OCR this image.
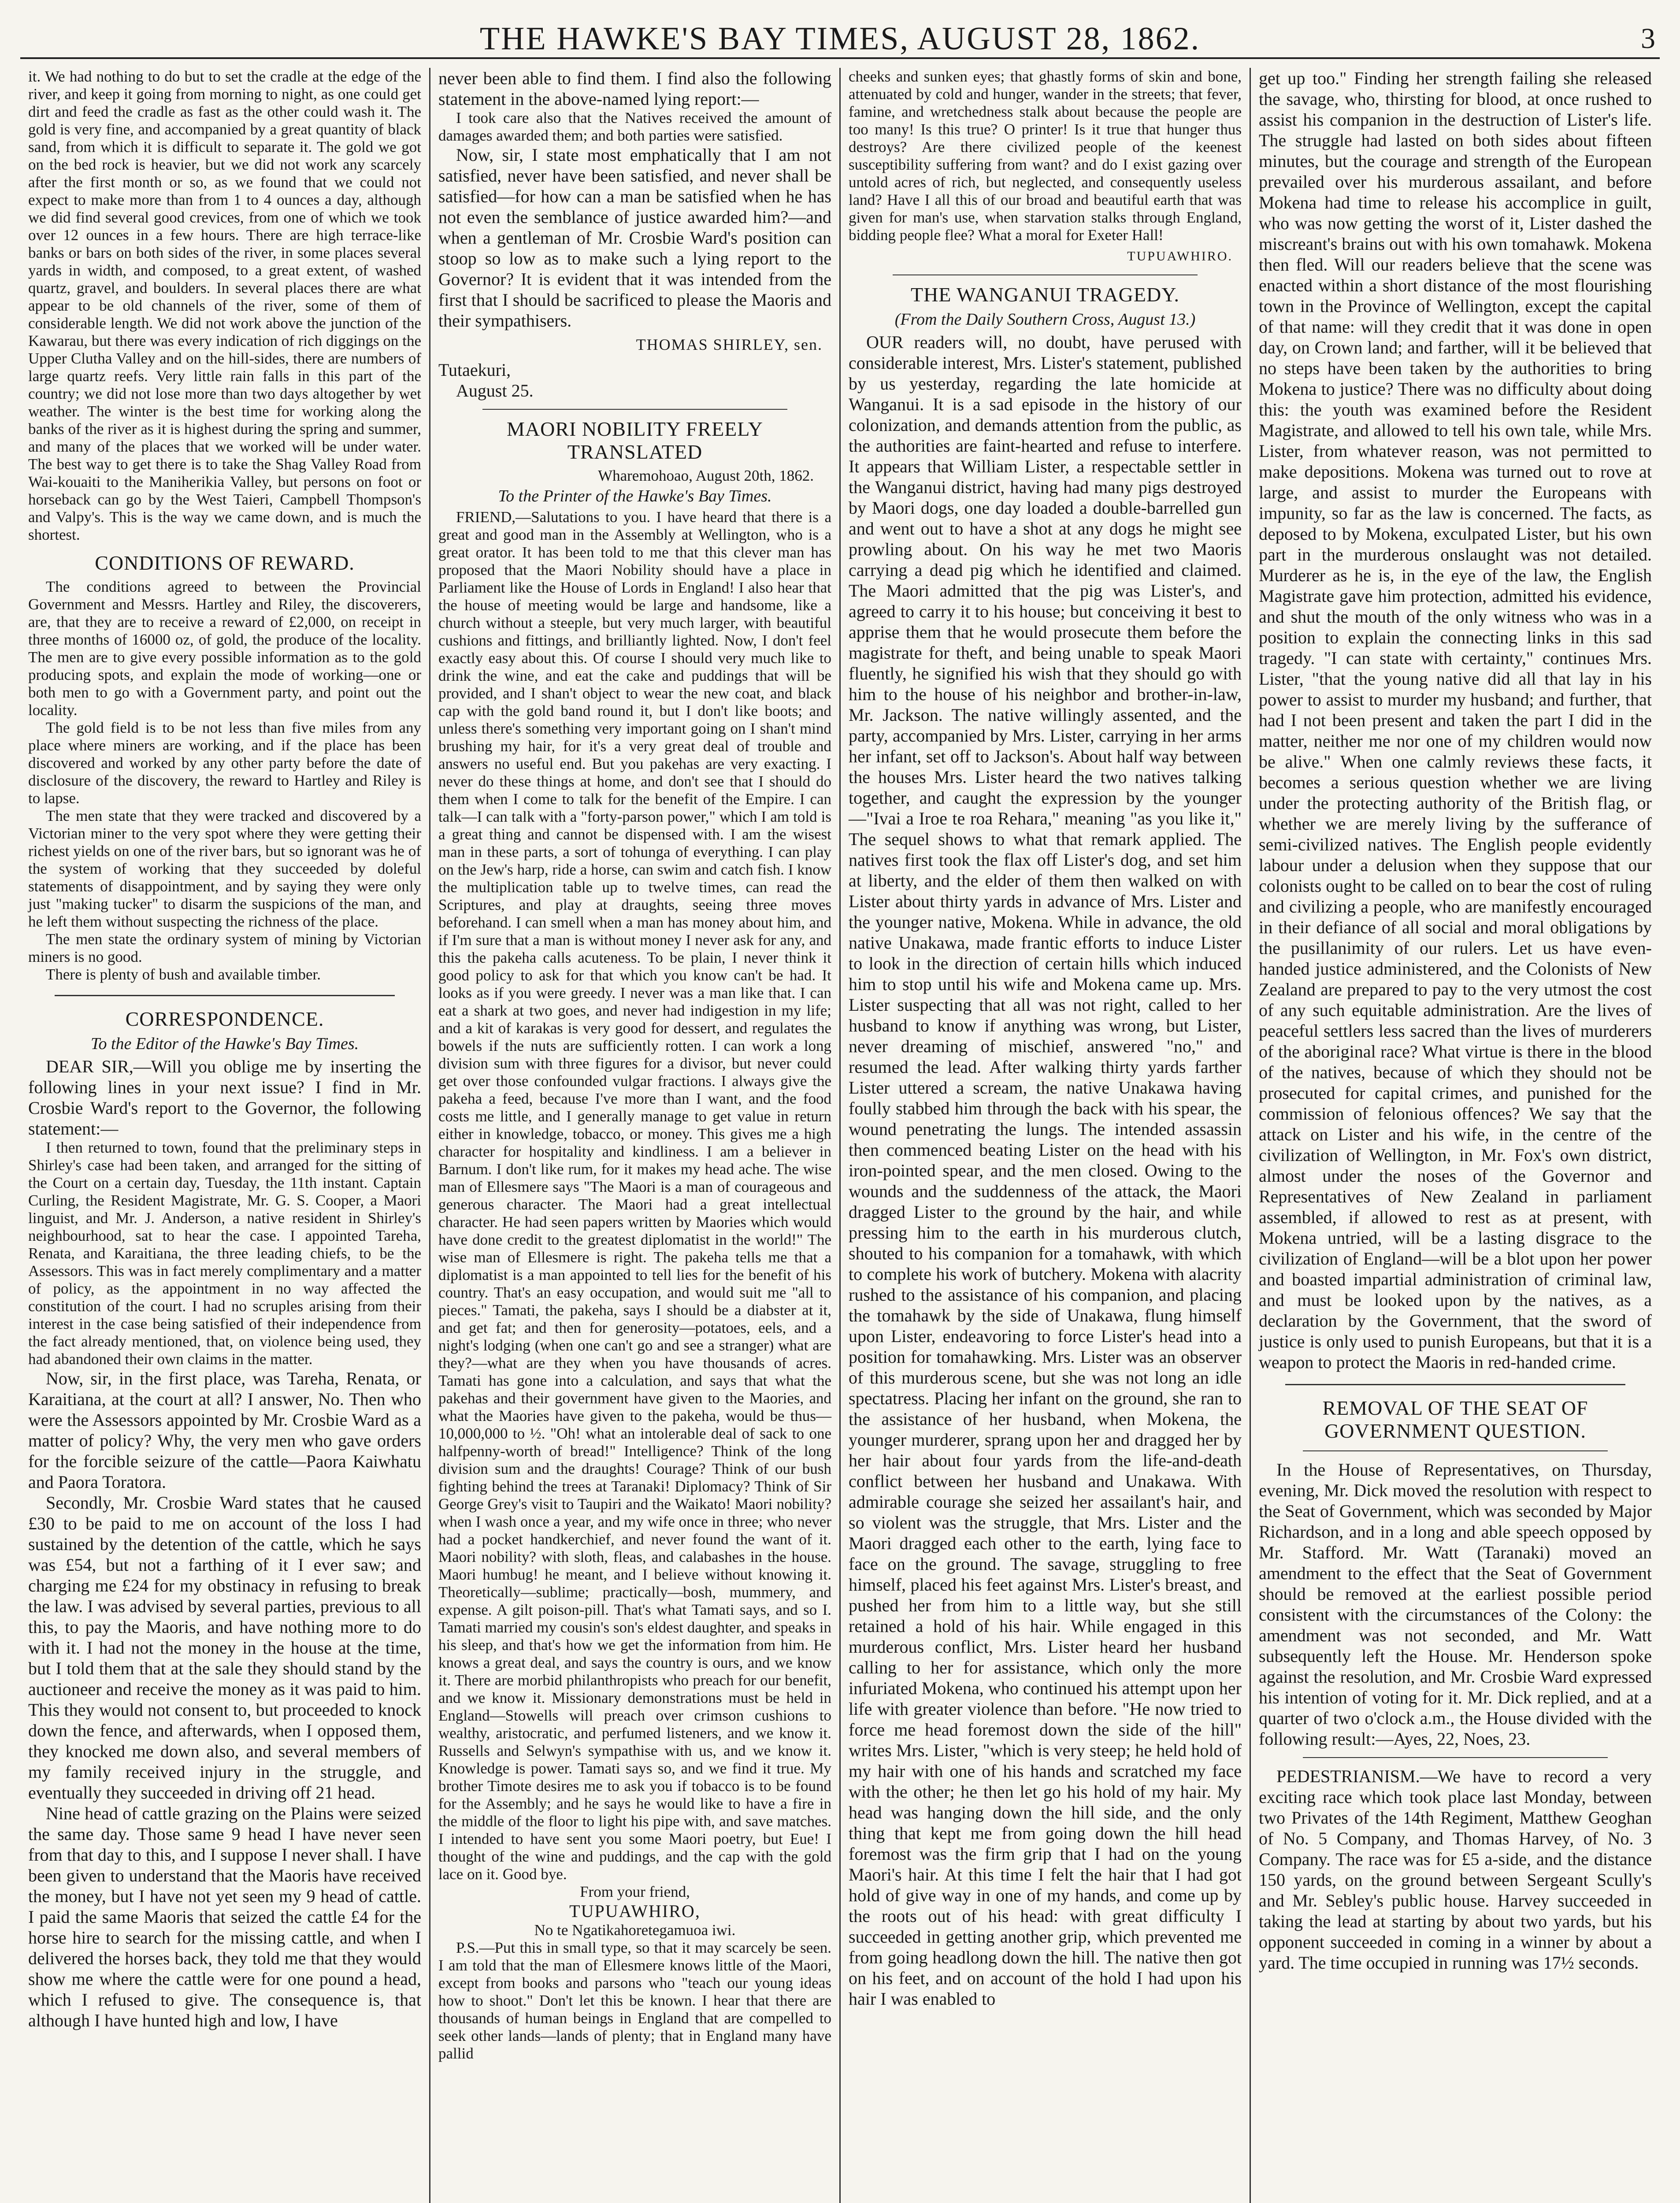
THE HAWKE'S BAY TIMES, AUGUST 28, 1862.	3

it. We had nothing to do but to set the cradle at the edge of the river, and keep it going from morning to night, as one could get dirt and feed the cradle as fast as the other could wash it. The gold is very fine, and accompanied by a great quantity of black sand, from which it is difficult to separate it. The gold we got on the bed rock is heavier, but we did not work any scarcely after the first month or so, as we found that we could not expect to make more than from 1 to 4 ounces a day, although we did find several good crevices, from one of which we took over 12 ounces in a few hours. There are high terrace-like banks or bars on both sides of the river, in some places several yards in width, and composed, to a great extent, of washed quartz, gravel, and boulders. In several places there are what appear to be old channels of the river, some of them of considerable length. We did not work above the junction of the Kawarau, but there was every indication of rich diggings on the Upper Clutha Valley and on the hill-sides, there are numbers of large quartz reefs. Very little rain falls in this part of the country; we did not lose more than two days altogether by wet weather. The winter is the best time for working along the banks of the river as it is highest during the spring and summer, and many of the places that we worked will be under water. The best way to get there is to take the Shag Valley Road from Wai-kouaiti to the Maniherikia Valley, but persons on foot or horseback can go by the West Taieri, Campbell Thompson's and Valpy's. This is the way we came down, and is much the shortest.

CONDITIONS OF REWARD.

The conditions agreed to between the Provincial Government and Messrs. Hartley and Riley, the discoverers, are, that they are to receive a reward of £2,000, on receipt in three months of 16000 oz, of gold, the produce of the locality. The men are to give every possible information as to the gold producing spots, and explain the mode of working—one or both men to go with a Government party, and point out the locality.

The gold field is to be not less than five miles from any place where miners are working, and if the place has been discovered and worked by any other party before the date of disclosure of the discovery, the reward to Hartley and Riley is to lapse.

The men state that they were tracked and discovered by a Victorian miner to the very spot where they were getting their richest yields on one of the river bars, but so ignorant was he of the system of working that they succeeded by doleful statements of disappointment, and by saying they were only just "making tucker" to disarm the suspicions of the man, and he left them without suspecting the richness of the place.

The men state the ordinary system of mining by Victorian miners is no good.

There is plenty of bush and available timber.

CORRESPONDENCE.
To the Editor of the Hawke's Bay Times.

DEAR SIR,—Will you oblige me by inserting the following lines in your next issue? I find in Mr. Crosbie Ward's report to the Governor, the following statement:—

I then returned to town, found that the preliminary steps in Shirley's case had been taken, and arranged for the sitting of the Court on a certain day, Tuesday, the 11th instant. Captain Curling, the Resident Magistrate, Mr. G. S. Cooper, a Maori linguist, and Mr. J. Anderson, a native resident in Shirley's neighbourhood, sat to hear the case. I appointed Tareha, Renata, and Karaitiana, the three leading chiefs, to be the Assessors. This was in fact merely complimentary and a matter of policy, as the appointment in no way affected the constitution of the court. I had no scruples arising from their interest in the case being satisfied of their independence from the fact already mentioned, that, on violence being used, they had abandoned their own claims in the matter.

Now, sir, in the first place, was Tareha, Renata, or Karaitiana, at the court at all? I answer, No. Then who were the Assessors appointed by Mr. Crosbie Ward as a matter of policy? Why, the very men who gave orders for the forcible seizure of the cattle—Paora Kaiwhatu and Paora Toratora.

Secondly, Mr. Crosbie Ward states that he caused £30 to be paid to me on account of the loss I had sustained by the detention of the cattle, which he says was £54, but not a farthing of it I ever saw; and charging me £24 for my obstinacy in refusing to break the law. I was advised by several parties, previous to all this, to pay the Maoris, and have nothing more to do with it. I had not the money in the house at the time, but I told them that at the sale they should stand by the auctioneer and receive the money as it was paid to him. This they would not consent to, but proceeded to knock down the fence, and afterwards, when I opposed them, they knocked me down also, and several members of my family received injury in the struggle, and eventually they succeeded in driving off 21 head.

Nine head of cattle grazing on the Plains were seized the same day. Those same 9 head I have never seen from that day to this, and I suppose I never shall. I have been given to understand that the Maoris have received the money, but I have not yet seen my 9 head of cattle. I paid the same Maoris that seized the cattle £4 for the horse hire to search for the missing cattle, and when I delivered the horses back, they told me that they would show me where the cattle were for one pound a head, which I refused to give. The consequence is, that although I have hunted high and low, I have

never been able to find them. I find also the following statement in the above-named lying report:—

I took care also that the Natives received the amount of damages awarded them; and both parties were satisfied.

Now, sir, I state most emphatically that I am not satisfied, never have been satisfied, and never shall be satisfied—for how can a man be satisfied when he has not even the semblance of justice awarded him?—and when a gentleman of Mr. Crosbie Ward's position can stoop so low as to make such a lying report to the Governor? It is evident that it was intended from the first that I should be sacrificed to please the Maoris and their sympathisers.

THOMAS SHIRLEY, sen.

Tutaekuri,

August 25.

MAORI NOBILITY FREELY TRANSLATED

Wharemohoao, August 20th, 1862.

To the Printer of the Hawke's Bay Times.

FRIEND,—Salutations to you. I have heard that there is a great and good man in the Assembly at Wellington, who is a great orator. It has been told to me that this clever man has proposed that the Maori Nobility should have a place in Parliament like the House of Lords in England! I also hear that the house of meeting would be large and handsome, like a church without a steeple, but very much larger, with beautiful cushions and fittings, and brilliantly lighted. Now, I don't feel exactly easy about this. Of course I should very much like to drink the wine, and eat the cake and puddings that will be provided, and I shan't object to wear the new coat, and black cap with the gold band round it, but I don't like boots; and unless there's something very important going on I shan't mind brushing my hair, for it's a very great deal of trouble and answers no useful end. But you pakehas are very exacting. I never do these things at home, and don't see that I should do them when I come to talk for the benefit of the Empire. I can talk—I can talk with a "forty-parson power," which I am told is a great thing and cannot be dispensed with. I am the wisest man in these parts, a sort of tohunga of everything. I can play on the Jew's harp, ride a horse, can swim and catch fish. I know the multiplication table up to twelve times, can read the Scriptures, and play at draughts, seeing three moves beforehand. I can smell when a man has money about him, and if I'm sure that a man is without money I never ask for any, and this the pakeha calls acuteness. To be plain, I never think it good policy to ask for that which you know can't be had. It looks as if you were greedy. I never was a man like that. I can eat a shark at two goes, and never had indigestion in my life; and a kit of karakas is very good for dessert, and regulates the bowels if the nuts are sufficiently rotten. I can work a long division sum with three figures for a divisor, but never could get over those confounded vulgar fractions. I always give the pakeha a feed, because I've more than I want, and the food costs me little, and I generally manage to get value in return either in knowledge, tobacco, or money. This gives me a high character for hospitality and kindliness. I am a believer in Barnum. I don't like rum, for it makes my head ache. The wise man of Ellesmere says "The Maori is a man of courageous and generous character. The Maori had a great intellectual character. He had seen papers written by Maories which would have done credit to the greatest diplomatist in the world!" The wise man of Ellesmere is right. The pakeha tells me that a diplomatist is a man appointed to tell lies for the benefit of his country. That's an easy occupation, and would suit me "all to pieces." Tamati, the pakeha, says I should be a diabster at it, and get fat; and then for generosity—potatoes, eels, and a night's lodging (when one can't go and see a stranger) what are they?—what are they when you have thousands of acres. Tamati has gone into a calculation, and says that what the pakehas and their government have given to the Maories, and what the Maories have given to the pakeha, would be thus—10,000,000 to ½. "Oh! what an intolerable deal of sack to one halfpenny-worth of bread!" Intelligence? Think of the long division sum and the draughts! Courage? Think of our bush fighting behind the trees at Taranaki! Diplomacy? Think of Sir George Grey's visit to Taupiri and the Waikato! Maori nobility? when I wash once a year, and my wife once in three; who never had a pocket handkerchief, and never found the want of it. Maori nobility? with sloth, fleas, and calabashes in the house. Maori humbug! he meant, and I believe without knowing it. Theoretically—sublime; practically—bosh, mummery, and expense. A gilt poison-pill. That's what Tamati says, and so I. Tamati married my cousin's son's eldest daughter, and speaks in his sleep, and that's how we get the information from him. He knows a great deal, and says the country is ours, and we know it. There are morbid philanthropists who preach for our benefit, and we know it. Missionary demonstrations must be held in England—Stowells will preach over crimson cushions to wealthy, aristocratic, and perfumed listeners, and we know it. Russells and Selwyn's sympathise with us, and we know it. Knowledge is power. Tamati says so, and we find it true. My brother Timote desires me to ask you if tobacco is to be found for the Assembly; and he says he would like to have a fire in the middle of the floor to light his pipe with, and save matches. I intended to have sent you some Maori poetry, but Eue! I thought of the wine and puddings, and the cap with the gold lace on it. Good bye.

From your friend,

TUPUAWHIRO,

No te Ngatikahoretegamuoa iwi.

P.S.—Put this in small type, so that it may scarcely be seen. I am told that the man of Ellesmere knows little of the Maori, except from books and parsons who "teach our young ideas how to shoot." Don't let this be known. I hear that there are thousands of human beings in England that are compelled to seek other lands—lands of plenty; that in England many have pallid

cheeks and sunken eyes; that ghastly forms of skin and bone, attenuated by cold and hunger, wander in the streets; that fever, famine, and wretchedness stalk about because the people are too many! Is this true? O printer! Is it true that hunger thus destroys? Are there civilized people of the keenest susceptibility suffering from want? and do I exist gazing over untold acres of rich, but neglected, and consequently useless land? Have I all this of our broad and beautiful earth that was given for man's use, when starvation stalks through England, bidding people flee? What a moral for Exeter Hall!

TUPUAWHIRO.
THE WANGANUI TRAGEDY.
(From the Daily Southern Cross, August 13.)

OUR readers will, no doubt, have perused with considerable interest, Mrs. Lister's statement, published by us yesterday, regarding the late homicide at Wanganui. It is a sad episode in the history of our colonization, and demands attention from the public, as the authorities are faint-hearted and refuse to interfere. It appears that William Lister, a respectable settler in the Wanganui district, having had many pigs destroyed by Maori dogs, one day loaded a double-barrelled gun and went out to have a shot at any dogs he might see prowling about. On his way he met two Maoris carrying a dead pig which he identified and claimed. The Maori admitted that the pig was Lister's, and agreed to carry it to his house; but conceiving it best to apprise them that he would prosecute them before the magistrate for theft, and being unable to speak Maori fluently, he signified his wish that they should go with him to the house of his neighbor and brother-in-law, Mr. Jackson. The native willingly assented, and the party, accompanied by Mrs. Lister, carrying in her arms her infant, set off to Jackson's. About half way between the houses Mrs. Lister heard the two natives talking together, and caught the expression by the younger—"Ivai a Iroe te roa Rehara," meaning "as you like it," The sequel shows to what that remark applied. The natives first took the flax off Lister's dog, and set him at liberty, and the elder of them then walked on with Lister about thirty yards in advance of Mrs. Lister and the younger native, Mokena. While in advance, the old native Unakawa, made frantic efforts to induce Lister to look in the direction of certain hills which induced him to stop until his wife and Mokena came up. Mrs. Lister suspecting that all was not right, called to her husband to know if anything was wrong, but Lister, never dreaming of mischief, answered "no," and resumed the lead. After walking thirty yards farther Lister uttered a scream, the native Unakawa having foully stabbed him through the back with his spear, the wound penetrating the lungs. The intended assassin then commenced beating Lister on the head with his iron-pointed spear, and the men closed. Owing to the wounds and the suddenness of the attack, the Maori dragged Lister to the ground by the hair, and while pressing him to the earth in his murderous clutch, shouted to his companion for a tomahawk, with which to complete his work of butchery. Mokena with alacrity rushed to the assistance of his companion, and placing the tomahawk by the side of Unakawa, flung himself upon Lister, endeavoring to force Lister's head into a position for tomahawking. Mrs. Lister was an observer of this murderous scene, but she was not long an idle spectatress. Placing her infant on the ground, she ran to the assistance of her husband, when Mokena, the younger murderer, sprang upon her and dragged her by her hair about four yards from the life-and-death conflict between her husband and Unakawa. With admirable courage she seized her assailant's hair, and so violent was the struggle, that Mrs. Lister and the Maori dragged each other to the earth, lying face to face on the ground. The savage, struggling to free himself, placed his feet against Mrs. Lister's breast, and pushed her from him to a little way, but she still retained a hold of his hair. While engaged in this murderous conflict, Mrs. Lister heard her husband calling to her for assistance, which only the more infuriated Mokena, who continued his attempt upon her life with greater violence than before. "He now tried to force me head foremost down the side of the hill" writes Mrs. Lister, "which is very steep; he held hold of my hair with one of his hands and scratched my face with the other; he then let go his hold of my hair. My head was hanging down the hill side, and the only thing that kept me from going down the hill head foremost was the firm grip that I had on the young Maori's hair. At this time I felt the hair that I had got hold of give way in one of my hands, and come up by the roots out of his head: with great difficulty I succeeded in getting another grip, which prevented me from going headlong down the hill. The native then got on his feet, and on account of the hold I had upon his hair I was enabled to

get up too." Finding her strength failing she released the savage, who, thirsting for blood, at once rushed to assist his companion in the destruction of Lister's life. The struggle had lasted on both sides about fifteen minutes, but the courage and strength of the European prevailed over his murderous assailant, and before Mokena had time to release his accomplice in guilt, who was now getting the worst of it, Lister dashed the miscreant's brains out with his own tomahawk. Mokena then fled. Will our readers believe that the scene was enacted within a short distance of the most flourishing town in the Province of Wellington, except the capital of that name: will they credit that it was done in open day, on Crown land; and farther, will it be believed that no steps have been taken by the authorities to bring Mokena to justice? There was no difficulty about doing this: the youth was examined before the Resident Magistrate, and allowed to tell his own tale, while Mrs. Lister, from whatever reason, was not permitted to make depositions. Mokena was turned out to rove at large, and assist to murder the Europeans with impunity, so far as the law is concerned. The facts, as deposed to by Mokena, exculpated Lister, but his own part in the murderous onslaught was not detailed. Murderer as he is, in the eye of the law, the English Magistrate gave him protection, admitted his evidence, and shut the mouth of the only witness who was in a position to explain the connecting links in this sad tragedy. "I can state with certainty," continues Mrs. Lister, "that the young native did all that lay in his power to assist to murder my husband; and further, that had I not been present and taken the part I did in the matter, neither me nor one of my children would now be alive." When one calmly reviews these facts, it becomes a serious question whether we are living under the protecting authority of the British flag, or whether we are merely living by the sufferance of semi-civilized natives. The English people evidently labour under a delusion when they suppose that our colonists ought to be called on to bear the cost of ruling and civilizing a people, who are manifestly encouraged in their defiance of all social and moral obligations by the pusillanimity of our rulers. Let us have even-handed justice administered, and the Colonists of New Zealand are prepared to pay to the very utmost the cost of any such equitable administration. Are the lives of peaceful settlers less sacred than the lives of murderers of the aboriginal race? What virtue is there in the blood of the natives, because of which they should not be prosecuted for capital crimes, and punished for the commission of felonious offences? We say that the attack on Lister and his wife, in the centre of the civilization of Wellington, in Mr. Fox's own district, almost under the noses of the Governor and Representatives of New Zealand in parliament assembled, if allowed to rest as at present, with Mokena untried, will be a lasting disgrace to the civilization of England—will be a blot upon her power and boasted impartial administration of criminal law, and must be looked upon by the natives, as a declaration by the Government, that the sword of justice is only used to punish Europeans, but that it is a weapon to protect the Maoris in red-handed crime.

REMOVAL OF THE SEAT OF GOVERNMENT QUESTION.

In the House of Representatives, on Thursday, evening, Mr. Dick moved the resolution with respect to the Seat of Government, which was seconded by Major Richardson, and in a long and able speech opposed by Mr. Stafford. Mr. Watt (Taranaki) moved an amendment to the effect that the Seat of Government should be removed at the earliest possible period consistent with the circumstances of the Colony: the amendment was not seconded, and Mr. Watt subsequently left the House. Mr. Henderson spoke against the resolution, and Mr. Crosbie Ward expressed his intention of voting for it. Mr. Dick replied, and at a quarter of two o'clock a.m., the House divided with the following result:—Ayes, 22, Noes, 23.

PEDESTRIANISM.—We have to record a very exciting race which took place last Monday, between two Privates of the 14th Regiment, Matthew Geoghan of No. 5 Company, and Thomas Harvey, of No. 3 Company. The race was for £5 a-side, and the distance 150 yards, on the ground between Sergeant Scully's and Mr. Sebley's public house. Harvey succeeded in taking the lead at starting by about two yards, but his opponent succeeded in coming in a winner by about a yard. The time occupied in running was 17½ seconds.
